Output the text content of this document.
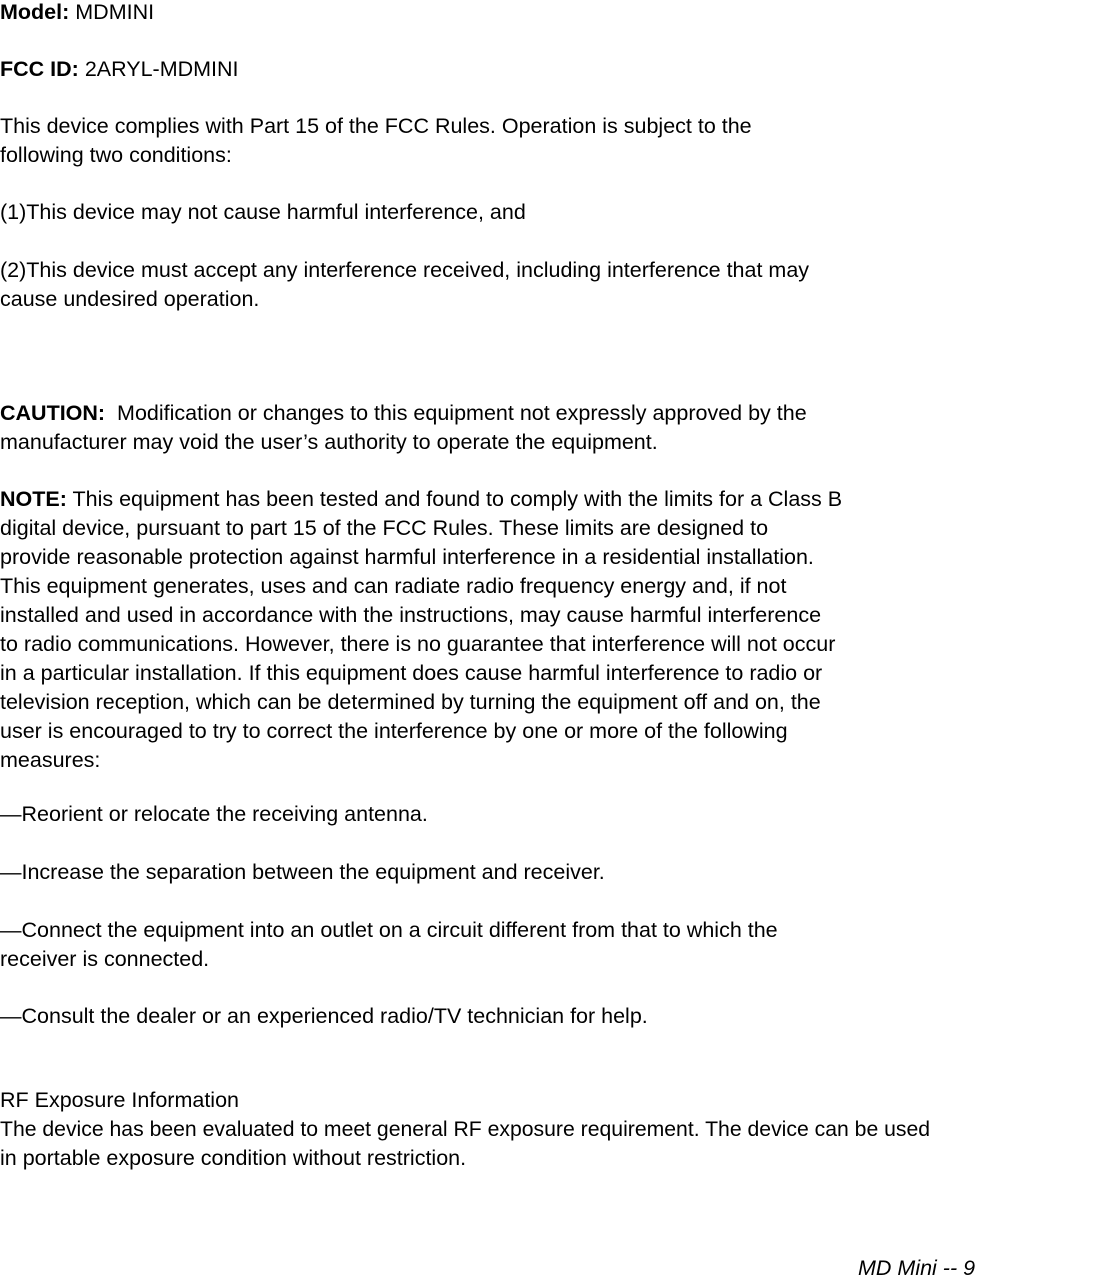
Model: MDMINI
FCC ID: 2ARYL-MDMINI
This device complies with Part 15 of the FCC Rules. Operation is subject to the
following two conditions:
(1)This device may not cause harmful interference, and
(2)This device must accept any interference received, including interference that may
cause undesired operation.
CAUTION:  Modification or changes to this equipment not expressly approved by the
manufacturer may void the user’s authority to operate the equipment.
NOTE: This equipment has been tested and found to comply with the limits for a Class B
digital device, pursuant to part 15 of the FCC Rules. These limits are designed to
provide reasonable protection against harmful interference in a residential installation.
This equipment generates, uses and can radiate radio frequency energy and, if not
installed and used in accordance with the instructions, may cause harmful interference
to radio communications. However, there is no guarantee that interference will not occur
in a particular installation. If this equipment does cause harmful interference to radio or
television reception, which can be determined by turning the equipment off and on, the
user is encouraged to try to correct the interference by one or more of the following
measures:
—Reorient or relocate the receiving antenna.
—Increase the separation between the equipment and receiver.
—Connect the equipment into an outlet on a circuit different from that to which the
receiver is connected.
—Consult the dealer or an experienced radio/TV technician for help.
RF Exposure Information
The device has been evaluated to meet general RF exposure requirement. The device can be used
in portable exposure condition without restriction.
MD Mini -- 9
